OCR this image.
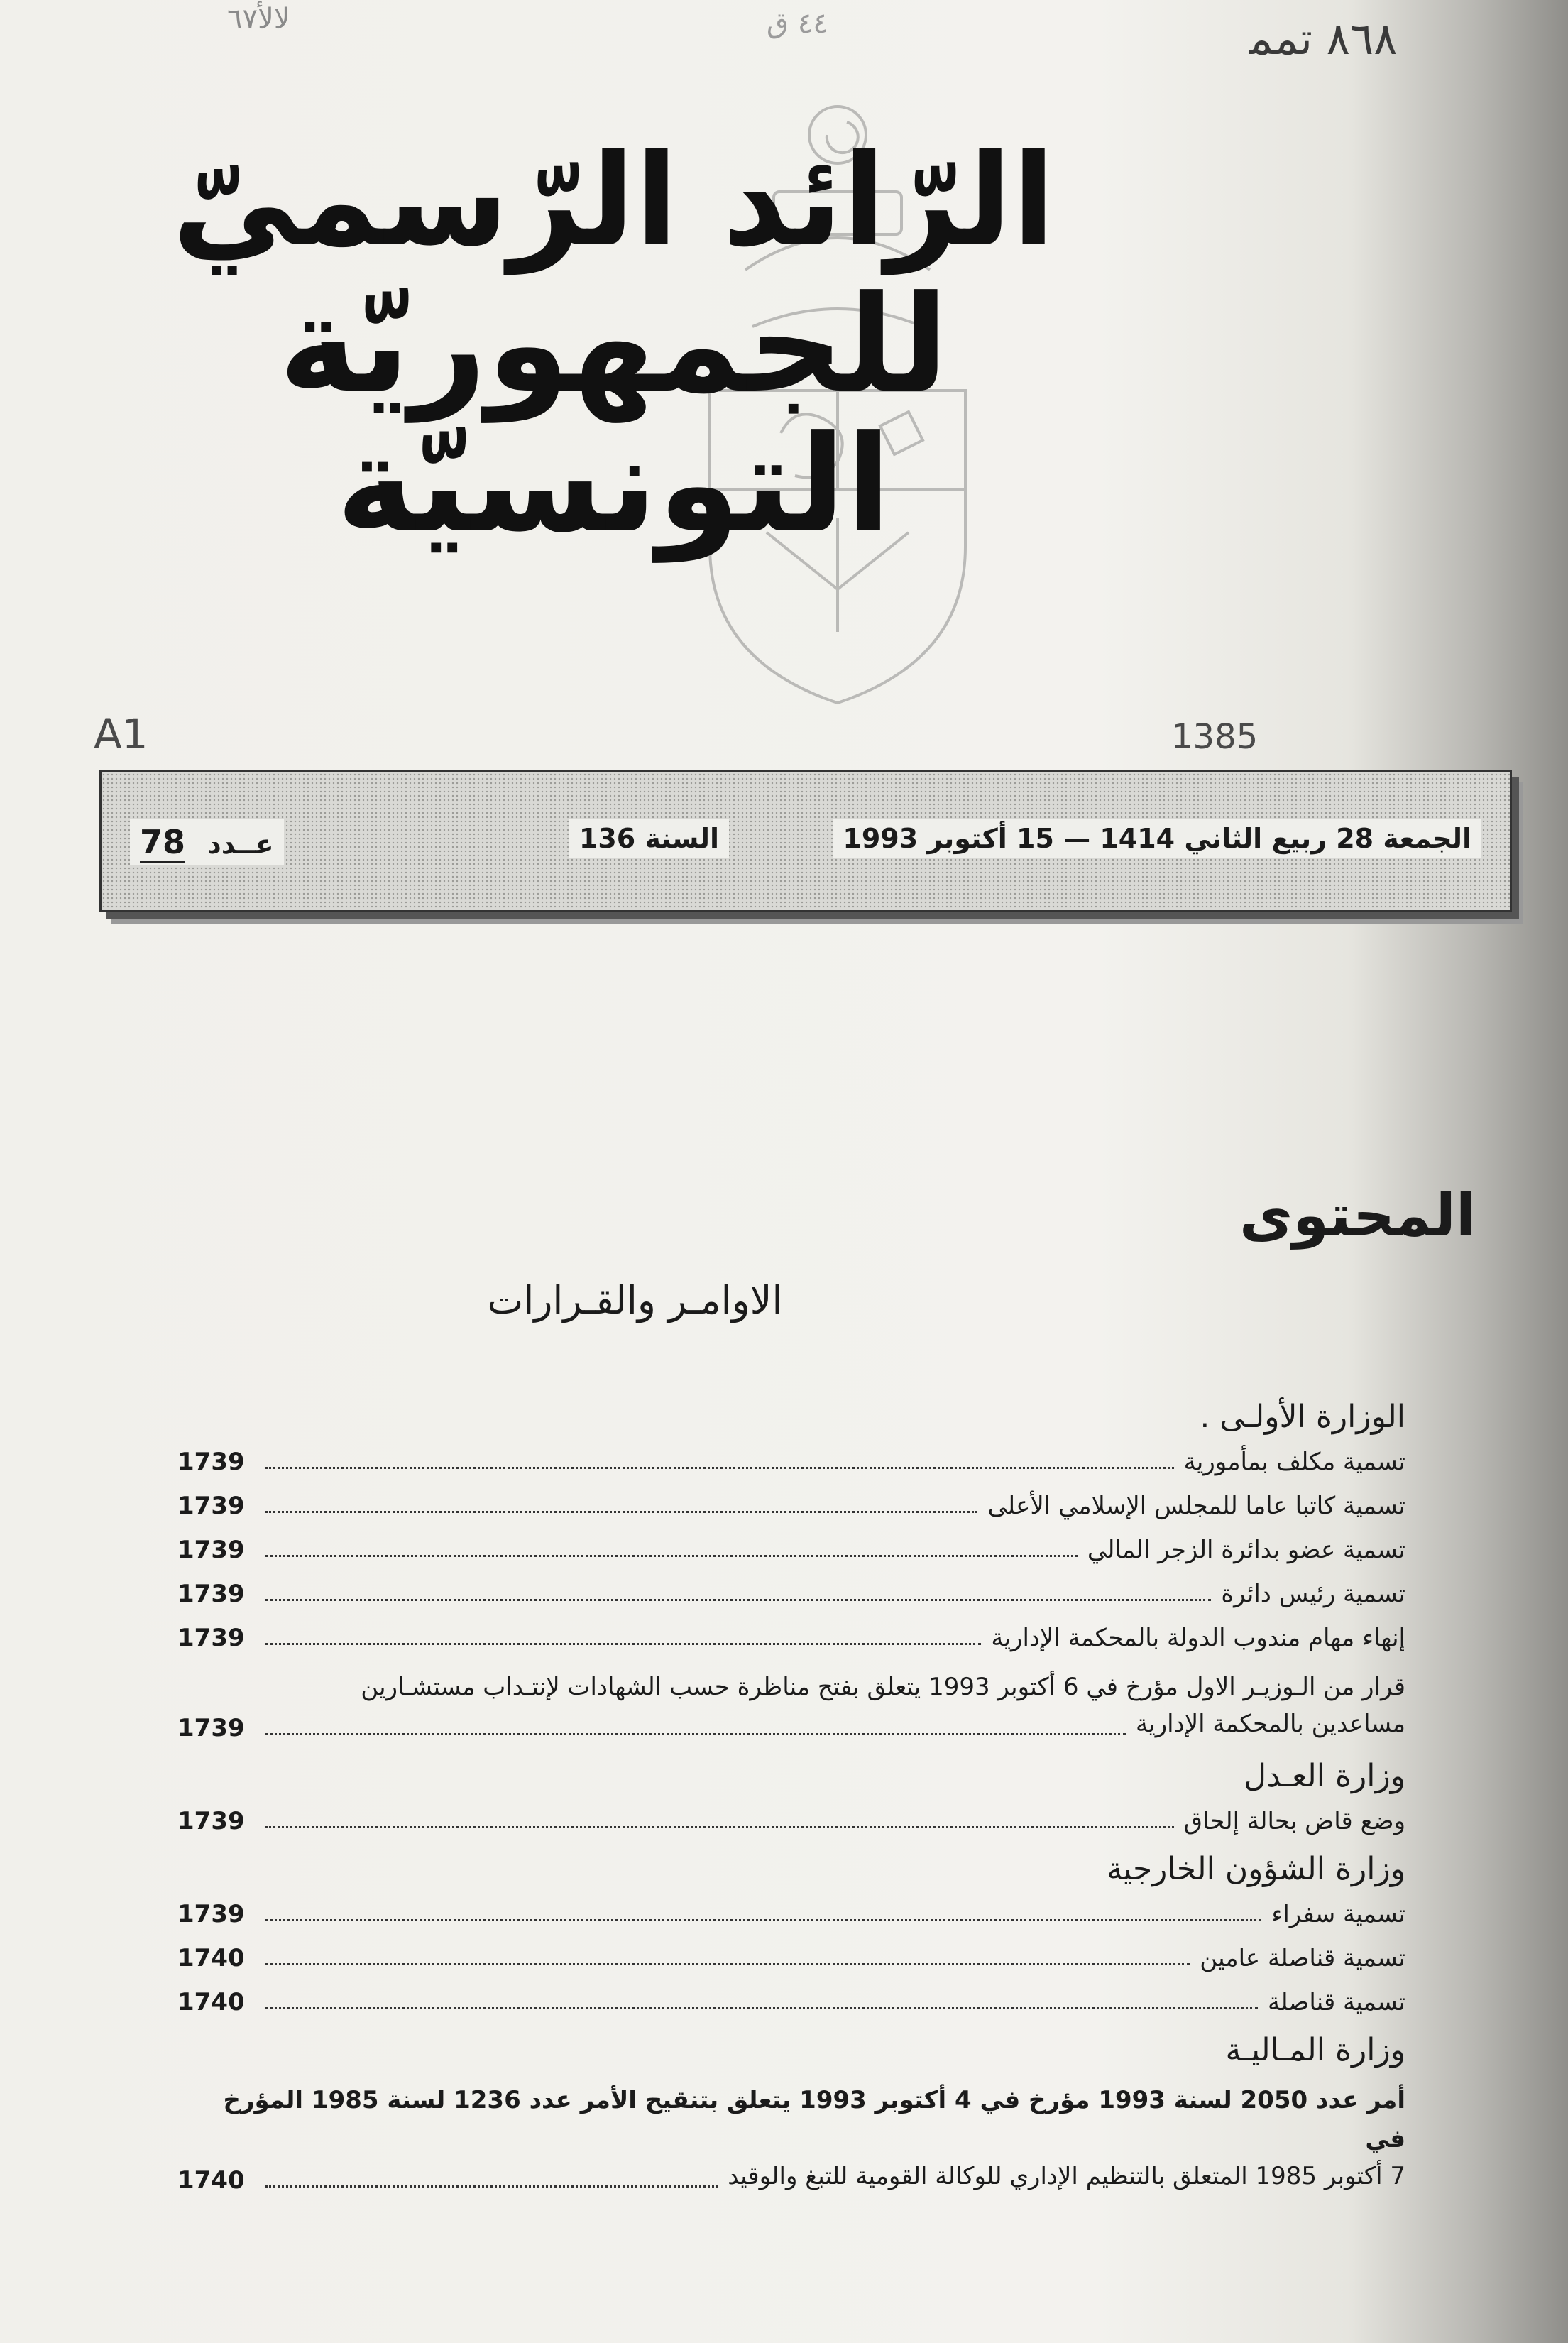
ﻻﻷ٦٧	٤٤ ق	٨٦٨ ﺗﻤﻤ
الرّائد الرّسميّ
للجمهوريّة التونسيّة
A1	1385
الجمعة 28 ربيع الثاني 1414 — 15 أكتوبر 1993
السنة 136
عــدد 78
المحتوى
الاوامـر والقـرارات
الوزارة الأولـى .
تسمية مكلف بمأمورية
1739
تسمية كاتبا عاما للمجلس الإسلامي الأعلى
1739
تسمية عضو بدائرة الزجر المالي
1739
تسمية رئيس دائرة
1739
إنهاء مهام مندوب الدولة بالمحكمة الإدارية
1739
قرار من الـوزيـر الاول مؤرخ في 6 أكتوبر 1993 يتعلق بفتح مناظرة حسب الشهادات لإنتـداب مستشـارين
مساعدين بالمحكمة الإدارية
1739
وزارة العـدل
وضع قاض بحالة إلحاق
1739
وزارة الشؤون الخارجية
تسمية سفراء
1739
تسمية قناصلة عامين
1740
تسمية قناصلة
1740
وزارة المـاليـة
أمر عدد 2050 لسنة 1993 مؤرخ في 4 أكتوبر 1993 يتعلق بتنقيح الأمر عدد 1236 لسنة 1985 المؤرخ في
7 أكتوبر 1985 المتعلق بالتنظيم الإداري للوكالة القومية للتبغ والوقيد
1740
